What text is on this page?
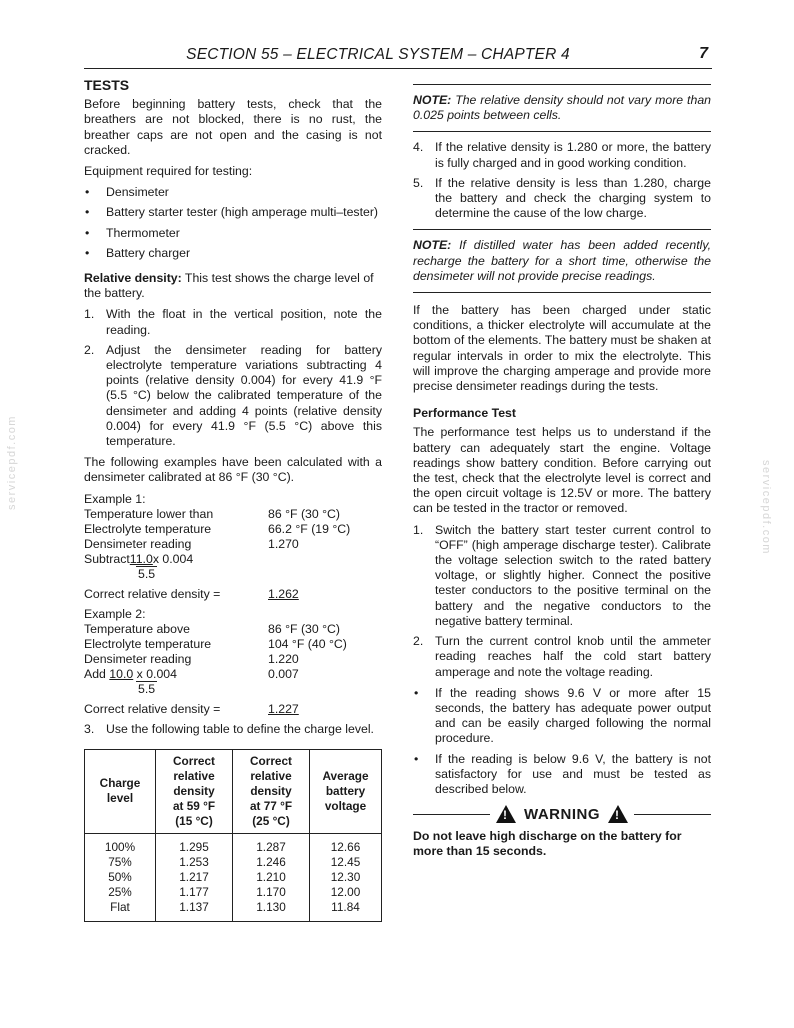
SECTION 55 – ELECTRICAL SYSTEM – CHAPTER 4	7
servicepdf.com	servicepdf.com
TESTS

Before beginning battery tests, check that the breathers are not blocked, there is no rust, the breather caps are not open and the casing is not cracked.

Equipment required for testing:

• Densimeter
• Battery starter tester (high amperage multi–tester)
• Thermometer
• Battery charger

Relative density: This test shows the charge level of the battery.

1. With the float in the vertical position, note the reading.
2. Adjust the densimeter reading for battery electrolyte temperature variations subtracting 4 points (relative density 0.004) for every 41.9 °F (5.5 °C) below the calibrated temperature of the densimeter and adding 4 points (relative density 0.004) for every 41.9 °F (5.5 °C) above this temperature.

The following examples have been calculated with a densimeter calibrated at 86 °F (30 °C).

Example 1:
Temperature lower than	86 °F (30 °C)
Electrolyte temperature	66.2 °F (19 °C)
Densimeter reading	1.270
Subtract 11.0 x 0.004
5.5
Correct relative density =	1.262
Example 2:
Temperature above	86 °F (30 °C)
Electrolyte temperature	104 °F (40 °C)
Densimeter reading	1.220
Add 10.0 x 0.004	0.007
5.5
Correct relative density =	1.227
3. Use the following table to define the charge level.
Charge level	Correct
relative
density
at 59 °F
(15 °C)	Correct
relative
density
at 77 °F
(25 °C)	Average
battery
voltage
100%	1.295	1.287	12.66
75%	1.253	1.246	12.45
50%	1.217	1.210	12.30
25%	1.177	1.170	12.00
Flat	1.137	1.130	11.84

NOTE: The relative density should not vary more than 0.025 points between cells.

4. If the relative density is 1.280 or more, the battery is fully charged and in good working condition.
5. If the relative density is less than 1.280, charge the battery and check the charging system to determine the cause of the low charge.

NOTE: If distilled water has been added recently, recharge the battery for a short time, otherwise the densimeter will not provide precise readings.

If the battery has been charged under static conditions, a thicker electrolyte will accumulate at the bottom of the elements. The battery must be shaken at regular intervals in order to mix the electrolyte. This will improve the charging amperage and provide more precise densimeter readings during the tests.

Performance Test

The performance test helps us to understand if the battery can adequately start the engine. Voltage readings show battery condition. Before carrying out the test, check that the electrolyte level is correct and the open circuit voltage is 12.5V or more. The battery can be tested in the tractor or removed.

1. Switch the battery start tester current control to “OFF” (high amperage discharge tester). Calibrate the voltage selection switch to the rated battery voltage, or slightly higher. Connect the positive tester conductors to the positive terminal on the battery and the negative conductors to the negative battery terminal.
2. Turn the current control knob until the ammeter reading reaches half the cold start battery amperage and note the voltage reading.
• If the reading shows 9.6 V or more after 15 seconds, the battery has adequate power output and can be easily charged following the normal procedure.
• If the reading is below 9.6 V, the battery is not satisfactory for use and must be tested as described below.
! WARNING !

Do not leave high discharge on the battery for more than 15 seconds.
